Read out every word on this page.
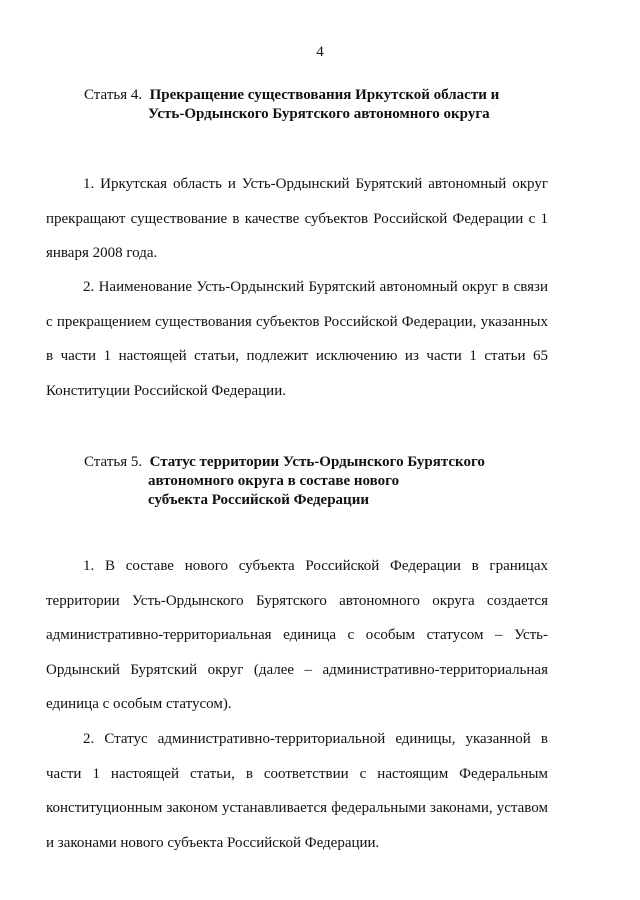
4
Статья 4.
Прекращение существования Иркутской области и
Усть-Ордынского Бурятского автономного округа

1. Иркутская область и Усть-Ордынский Бурятский автономный округ прекращают существование в качестве субъектов Российской Федерации с 1 января 2008 года.

2. Наименование Усть-Ордынский Бурятский автономный округ в связи с прекращением существования субъектов Российской Федерации, указанных в части 1 настоящей статьи, подлежит исключению из части 1 статьи 65 Конституции Российской Федерации.

Статья 5.
Статус территории Усть-Ордынского Бурятского
автономного округа в составе нового
субъекта Российской Федерации

1. В составе нового субъекта Российской Федерации в границах территории Усть-Ордынского Бурятского автономного округа создается административно-территориальная единица с особым статусом – Усть-Ордынский Бурятский округ (далее – административно-территориальная единица с особым статусом).

2. Статус административно-территориальной единицы, указанной в части 1 настоящей статьи, в соответствии с настоящим Федеральным конституционным законом устанавливается федеральными законами, уставом и законами нового субъекта Российской Федерации.
